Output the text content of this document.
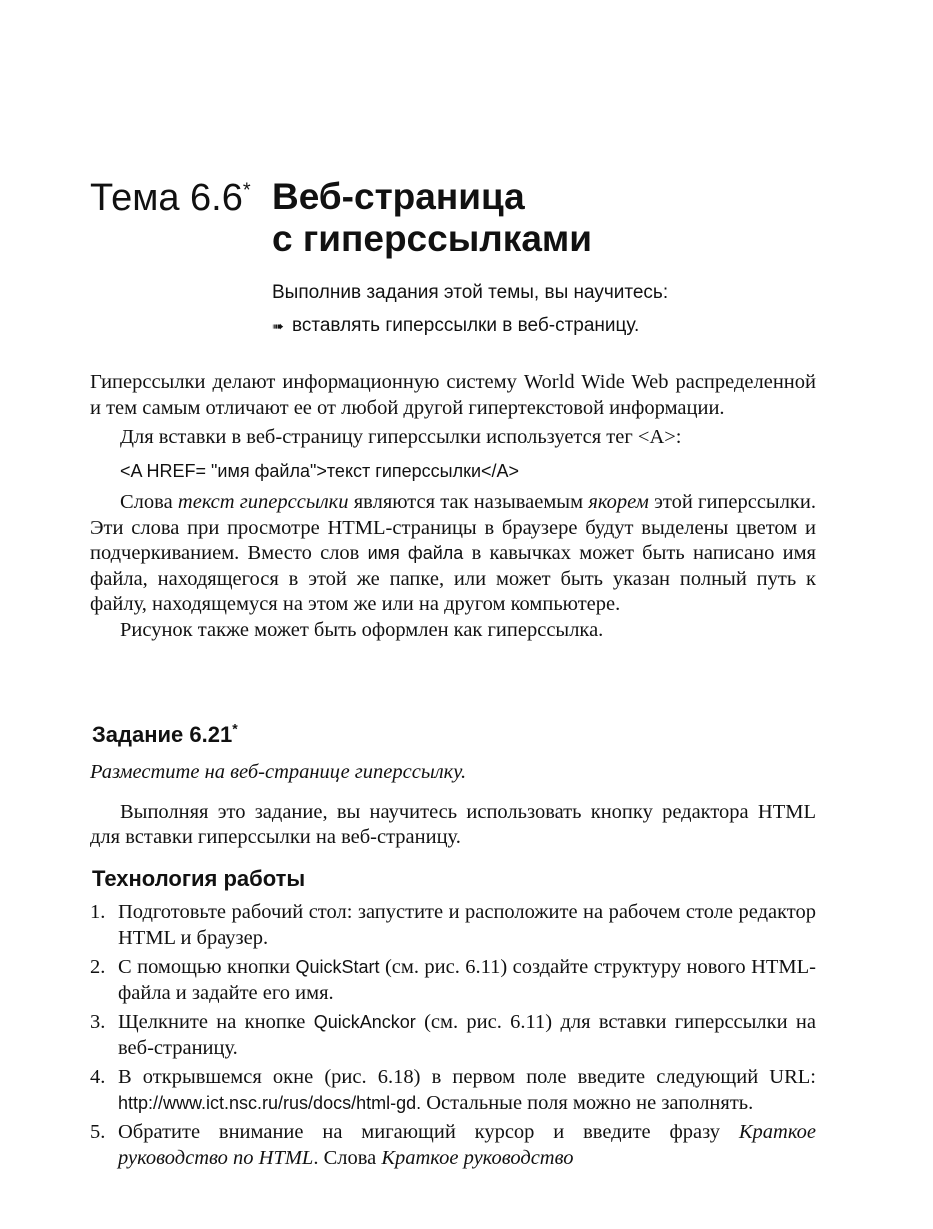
Тема 6.6* Веб-страница
с гиперссылками
Выполнив задания этой темы, вы научитесь:
➠ вставлять гиперссылки в веб-страницу.

Гиперссылки делают информационную систему World Wide Web распределенной и тем самым отличают ее от любой другой гипертекстовой информации.

Для вставки в веб-страницу гиперссылки используется тег <A>:

<A HREF= "имя файла">текст гиперссылки</A>

Слова текст гиперссылки являются так называемым якорем этой гиперссылки. Эти слова при просмотре HTML-страницы в браузере будут выделены цветом и подчеркиванием. Вместо слов имя файла в кавычках может быть написано имя файла, находящегося в этой же папке, или может быть указан полный путь к файлу, находящемуся на этом же или на другом компьютере.

Рисунок также может быть оформлен как гиперссылка.

Задание 6.21*

Разместите на веб-странице гиперссылку.

Выполняя это задание, вы научитесь использовать кнопку редактора HTML для вставки гиперссылки на веб-страницу.

Технология работы
1. Подготовьте рабочий стол: запустите и расположите на рабочем столе редактор HTML и браузер.
2. С помощью кнопки QuickStart (см. рис. 6.11) создайте структуру нового HTML-файла и задайте его имя.
3. Щелкните на кнопке QuickAnckor (см. рис. 6.11) для вставки гиперссылки на веб-страницу.
4. В открывшемся окне (рис. 6.18) в первом поле введите следующий URL: http://www.ict.nsc.ru/rus/docs/html-gd. Остальные поля можно не заполнять.
5. Обратите внимание на мигающий курсор и введите фразу Краткое руководство по HTML. Слова Краткое руководство
